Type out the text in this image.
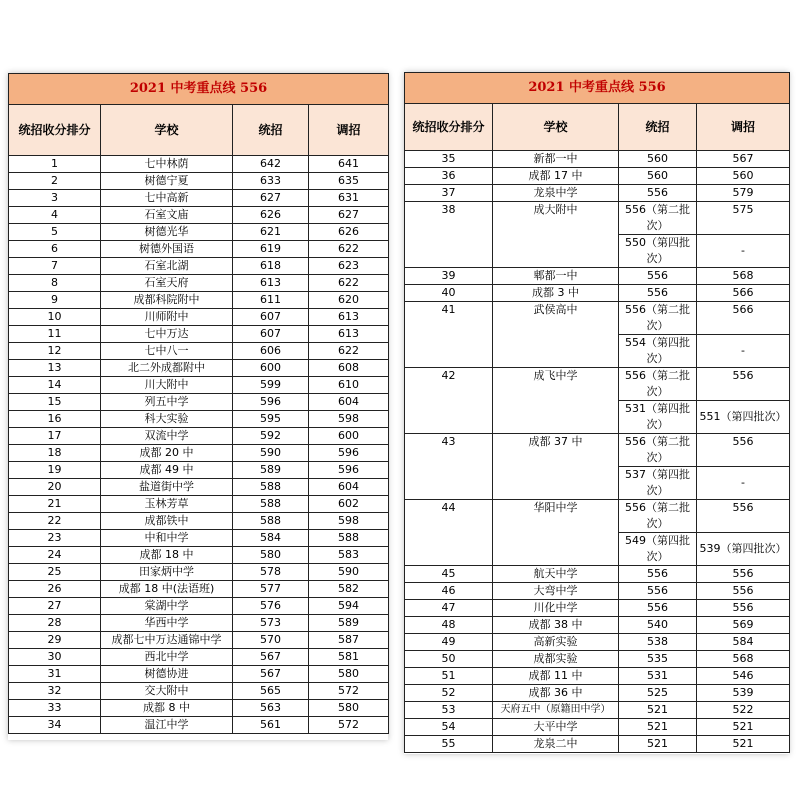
2021 中考重点线 556			
统招收分排分	学校	统招	调招
1	七中林荫	642	641
2	树德宁夏	633	635
3	七中高新	627	631
4	石室文庙	626	627
5	树德光华	621	626
6	树德外国语	619	622
7	石室北湖	618	623
8	石室天府	613	622
9	成都科院附中	611	620
10	川师附中	607	613
11	七中万达	607	613
12	七中八一	606	622
13	北二外成都附中	600	608
14	川大附中	599	610
15	列五中学	596	604
16	科大实验	595	598
17	双流中学	592	600
18	成都 20 中	590	596
19	成都 49 中	589	596
20	盐道街中学	588	604
21	玉林芳草	588	602
22	成都铁中	588	598
23	中和中学	584	588
24	成都 18 中	580	583
25	田家炳中学	578	590
26	成都 18 中(法语班)	577	582
27	棠湖中学	576	594
28	华西中学	573	589
29	成都七中万达通锦中学	570	587
30	西北中学	567	581
31	树德协进	567	580
32	交大附中	565	572
33	成都 8 中	563	580
34	温江中学	561	572
2021 中考重点线 556			
统招收分排分	学校	统招	调招
35	新都一中	560	567
36	成都 17 中	560	560
37	龙泉中学	556	579
38	成大附中	556（第二批次）	575
		550（第四批次）	-
39	郫都一中	556	568
40	成都 3 中	556	566
41	武侯高中	556（第二批次）	566
		554（第四批次）	-
42	成飞中学	556（第二批次）	556
		531（第四批次）	551（第四批次）
43	成都 37 中	556（第二批次）	556
		537（第四批次）	-
44	华阳中学	556（第二批次）	556
		549（第四批次）	539（第四批次）
45	航天中学	556	556
46	大弯中学	556	556
47	川化中学	556	556
48	成都 38 中	540	569
49	高新实验	538	584
50	成都实验	535	568
51	成都 11 中	531	546
52	成都 36 中	525	539
53	天府五中（原籍田中学）	521	522
54	大平中学	521	521
55	龙泉二中	521	521
